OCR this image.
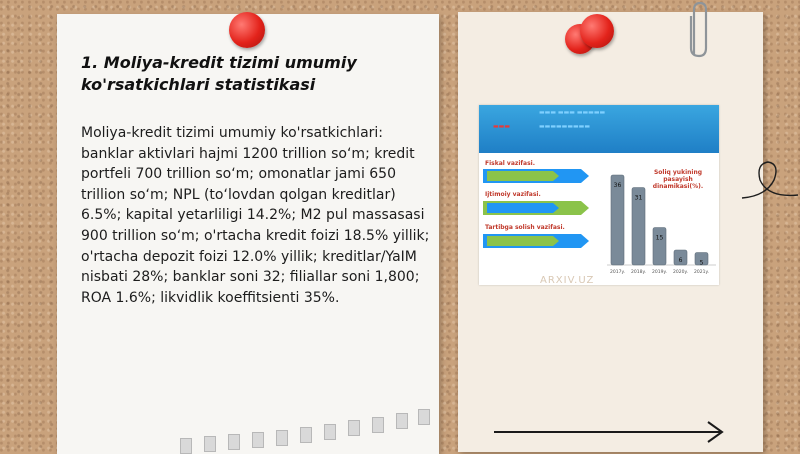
1. Moliya-kredit tizimi umumiy ko'rsatkichlari statistikasi
Moliya-kredit tizimi umumiy ko'rsatkichlari: banklar aktivlari hajmi 1200 trillion so‘m; kredit portfeli 700 trillion so‘m; omonatlar jami 650 trillion so‘m; NPL (to‘lovdan qolgan kreditlar) 6.5%; kapital yetarliligi 14.2%; M2 pul massasasi 900 trillion so‘m; o'rtacha kredit foizi 18.5% yillik; o'rtacha depozit foizi 12.0% yillik; kreditlar/YaIM nisbati 28%; banklar soni 32; filiallar soni 1,800; ROA 1.6%; likvidlik koeffitsienti 35%.
▬▬▬ ▬▬▬ ▬▬▬▬▬
▬▬▬	▬▬▬▬▬▬▬▬▬
Fiskal vazifasi.
Ijtimoiy vazifasi.
Tartibga solish vazifasi.
Soliq yukining pasayish dinamikasi(%).
36
2017y.
31
2018y.
15
2019y.
6
2020y.
5
2021y.
ARXIV.UZ
